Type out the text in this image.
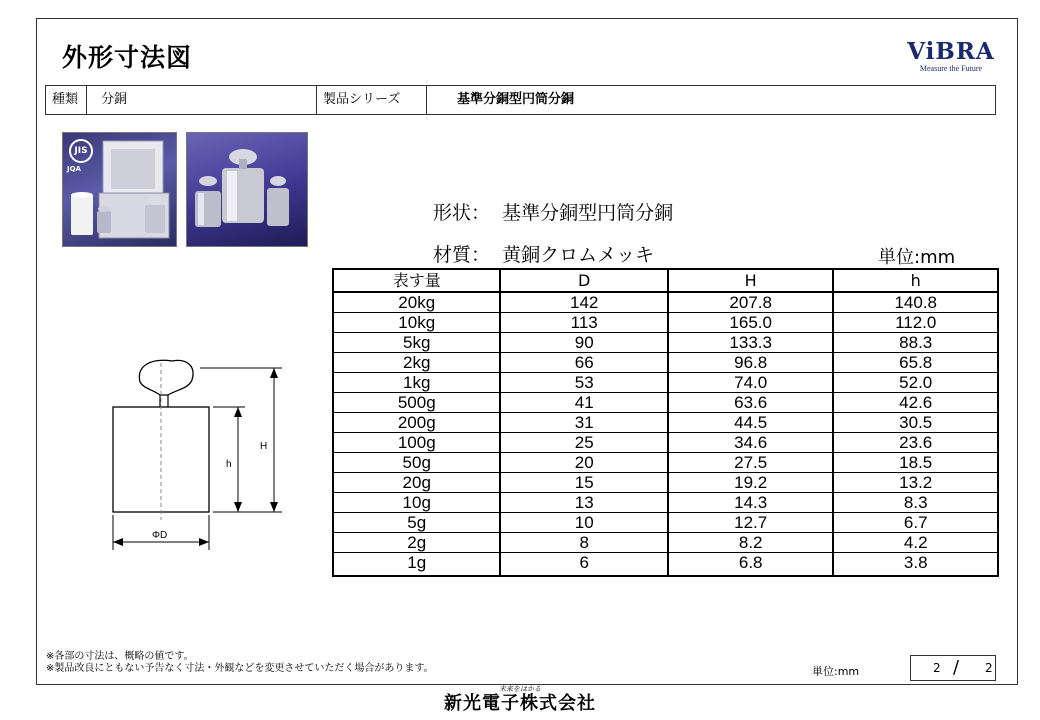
外形寸法図	ViBRA
Measure the Future
種類	分銅	製品シリーズ	基準分銅型円筒分銅
JIS
JQA
形状： 基準分銅型円筒分銅
材質： 黄銅クロムメッキ	単位:mm
H
h
ΦD
表す量	D	H	h
20kg	142	207.8	140.8
10kg	113	165.0	112.0
5kg	90	133.3	88.3
2kg	66	96.8	65.8
1kg	53	74.0	52.0
500g	41	63.6	42.6
200g	31	44.5	30.5
100g	25	34.6	23.6
50g	20	27.5	18.5
20g	15	19.2	13.2
10g	13	14.3	8.3
5g	10	12.7	6.7
2g	8	8.2	4.2
1g	6	6.8	3.8
※各部の寸法は、概略の値です。
※製品改良にともない予告なく寸法・外観などを変更させていただく場合があります。	単位:mm	2 / 2
未来をはかる
新光電子株式会社
